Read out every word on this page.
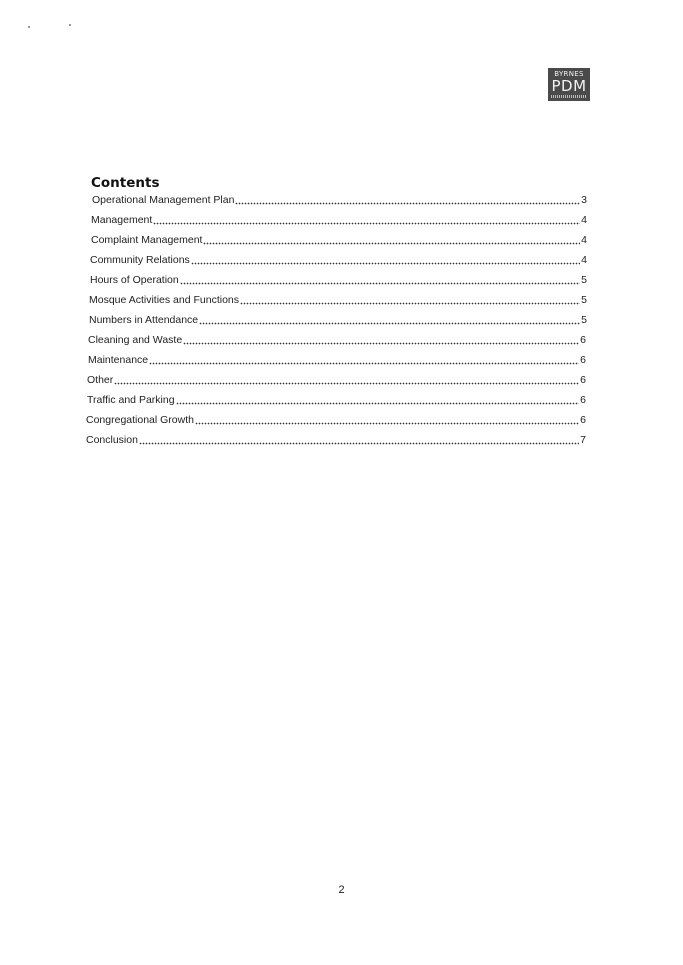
BYRNES
PDM
Contents
Operational Management Plan	3
Management	4
Complaint Management	4
Community Relations	4
Hours of Operation	5
Mosque Activities and Functions	5
Numbers in Attendance	5
Cleaning and Waste	6
Maintenance	6
Other	6
Traffic and Parking	6
Congregational Growth	6
Conclusion	7
2
